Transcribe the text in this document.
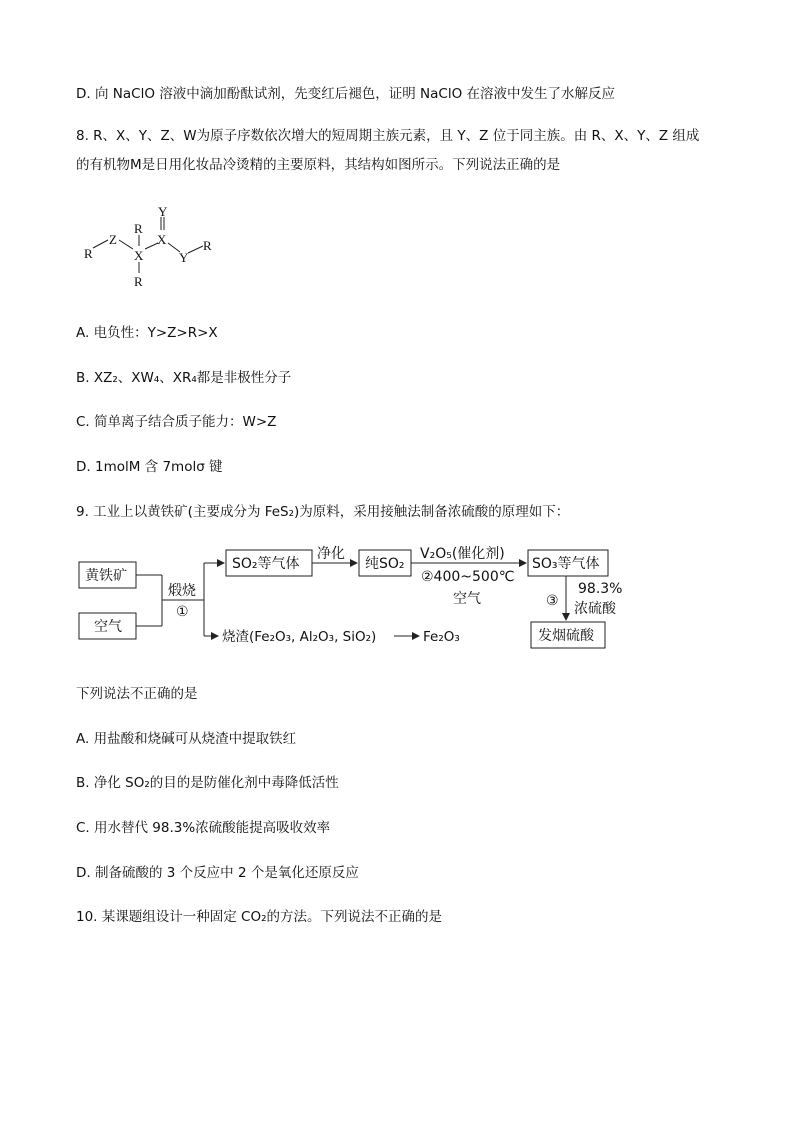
D. 向 NaClO 溶液中滴加酚酞试剂，先变红后褪色，证明 NaClO 在溶液中发生了水解反应
8. R、X、Y、Z、W为原子序数依次增大的短周期主族元素，且 Y、Z 位于同主族。由 R、X、Y、Z 组成
的有机物M是日用化妆品冷烫精的主要原料，其结构如图所示。下列说法正确的是
R
Z
R
X
R
Y
X
Y
R
A. 电负性：Y>Z>R>X
B. XZ₂、XW₄、XR₄都是非极性分子
C. 简单离子结合质子能力：W>Z
D. 1molM 含 7molσ 键
9. 工业上以黄铁矿(主要成分为 FeS₂)为原料，采用接触法制备浓硫酸的原理如下：
黄铁矿
空气
煅烧
①
SO₂等气体
净化
纯SO₂
V₂O₅(催化剂)
②400~500℃
空气
SO₃等气体
③
98.3%
浓硫酸
发烟硫酸
烧渣(Fe₂O₃, Al₂O₃, SiO₂)	Fe₂O₃
下列说法不正确的是
A. 用盐酸和烧碱可从烧渣中提取铁红
B. 净化 SO₂的目的是防催化剂中毒降低活性
C. 用水替代 98.3%浓硫酸能提高吸收效率
D. 制备硫酸的 3 个反应中 2 个是氧化还原反应
10. 某课题组设计一种固定 CO₂的方法。下列说法不正确的是
